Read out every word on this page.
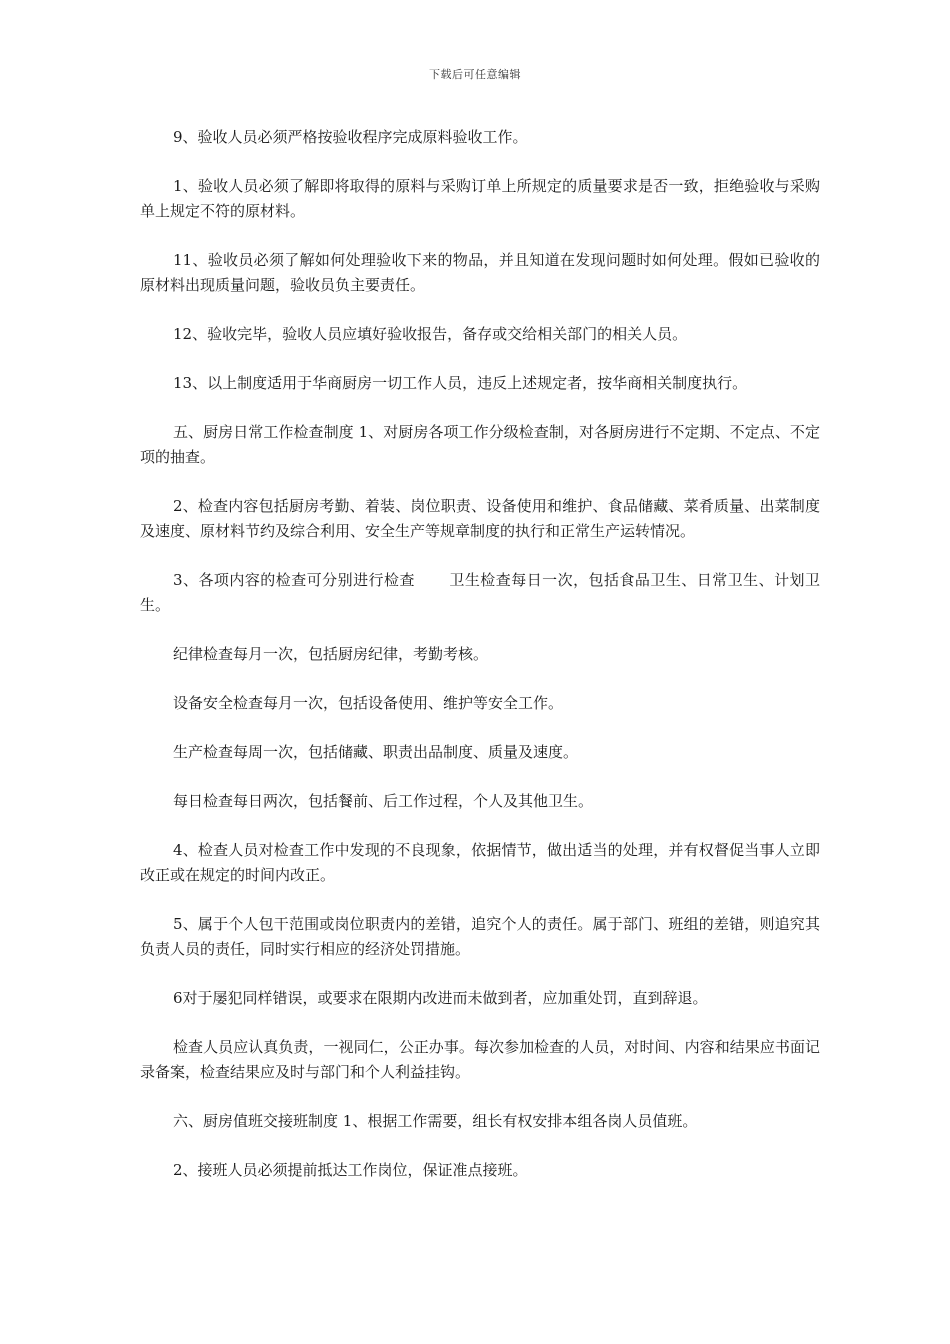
下载后可任意编辑

9、验收人员必须严格按验收程序完成原料验收工作。

1、验收人员必须了解即将取得的原料与采购订单上所规定的质量要求是否一致，拒绝验收与采购单上规定不符的原材料。

11、验收员必须了解如何处理验收下来的物品，并且知道在发现问题时如何处理。假如已验收的原材料出现质量问题，验收员负主要责任。

12、验收完毕，验收人员应填好验收报告，备存或交给相关部门的相关人员。

13、以上制度适用于华商厨房一切工作人员，违反上述规定者，按华商相关制度执行。

五、厨房日常工作检查制度 1、对厨房各项工作分级检查制，对各厨房进行不定期、不定点、不定项的抽查。

2、检查内容包括厨房考勤、着装、岗位职责、设备使用和维护、食品储藏、菜肴质量、出菜制度及速度、原材料节约及综合利用、安全生产等规章制度的执行和正常生产运转情况。

3、各项内容的检查可分别进行检查 卫生检查每日一次，包括食品卫生、日常卫生、计划卫生。

纪律检查每月一次，包括厨房纪律，考勤考核。

设备安全检查每月一次，包括设备使用、维护等安全工作。

生产检查每周一次，包括储藏、职责出品制度、质量及速度。

每日检查每日两次，包括餐前、后工作过程，个人及其他卫生。

4、检查人员对检查工作中发现的不良现象，依据情节，做出适当的处理，并有权督促当事人立即改正或在规定的时间内改正。

5、属于个人包干范围或岗位职责内的差错，追究个人的责任。属于部门、班组的差错，则追究其负责人员的责任，同时实行相应的经济处罚措施。

6对于屡犯同样错误，或要求在限期内改进而未做到者，应加重处罚，直到辞退。

检查人员应认真负责，一视同仁，公正办事。每次参加检查的人员，对时间、内容和结果应书面记录备案，检查结果应及时与部门和个人利益挂钩。

六、厨房值班交接班制度 1、根据工作需要，组长有权安排本组各岗人员值班。

2、接班人员必须提前抵达工作岗位，保证准点接班。
